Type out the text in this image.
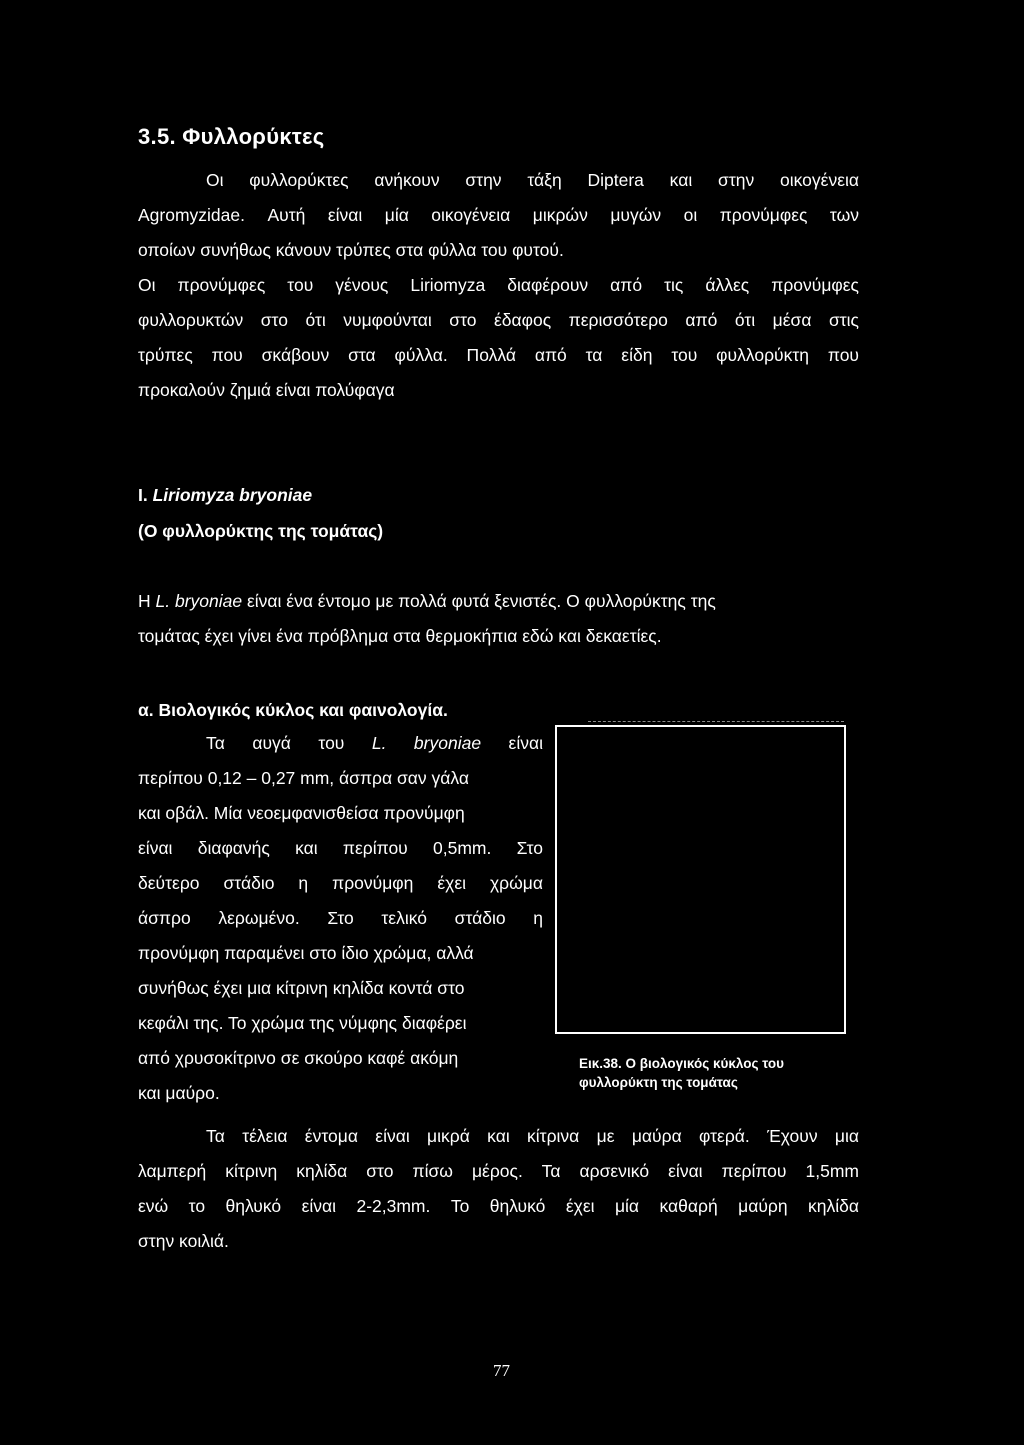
3.5. Φυλλορύκτες
Οι φυλλορύκτες ανήκουν στην τάξη Diptera και στην οικογένεια
Agromyzidae. Αυτή είναι μία οικογένεια μικρών μυγών οι προνύμφες των
οποίων συνήθως κάνουν τρύπες στα φύλλα του φυτού.
Οι προνύμφες του γένους Liriomyza διαφέρουν από τις άλλες προνύμφες
φυλλορυκτών στο ότι νυμφούνται στο έδαφος περισσότερο από ότι μέσα στις
τρύπες που σκάβουν στα φύλλα. Πολλά από τα είδη του φυλλορύκτη που
προκαλούν ζημιά είναι πολύφαγα
I. Liriomyza bryoniae
(Ο φυλλορύκτης της τομάτας)
Η L. bryoniae είναι ένα έντομο με πολλά φυτά ξενιστές. Ο φυλλορύκτης της
τομάτας έχει γίνει ένα πρόβλημα στα θερμοκήπια εδώ και δεκαετίες.
α. Βιολογικός κύκλος και φαινολογία.
Τα αυγά του L. bryoniae είναι
περίπου 0,12 – 0,27 mm, άσπρα σαν γάλα
και οβάλ. Μία νεοεμφανισθείσα προνύμφη
είναι διαφανής και περίπου 0,5mm. Στο
δεύτερο στάδιο η προνύμφη έχει χρώμα
άσπρο λερωμένο. Στο τελικό στάδιο η
προνύμφη παραμένει στο ίδιο χρώμα, αλλά
συνήθως έχει μια κίτρινη κηλίδα κοντά στο
κεφάλι της. Το χρώμα της νύμφης διαφέρει
από χρυσοκίτρινο σε σκούρο καφέ ακόμη
και μαύρο.
Εικ.38. Ο βιολογικός κύκλος του φυλλορύκτη της τομάτας
Τα τέλεια έντομα είναι μικρά και κίτρινα με μαύρα φτερά. Έχουν μια
λαμπερή κίτρινη κηλίδα στο πίσω μέρος. Τα αρσενικό είναι περίπου 1,5mm
ενώ το θηλυκό είναι 2-2,3mm. Το θηλυκό έχει μία καθαρή μαύρη κηλίδα
στην κοιλιά.
77
